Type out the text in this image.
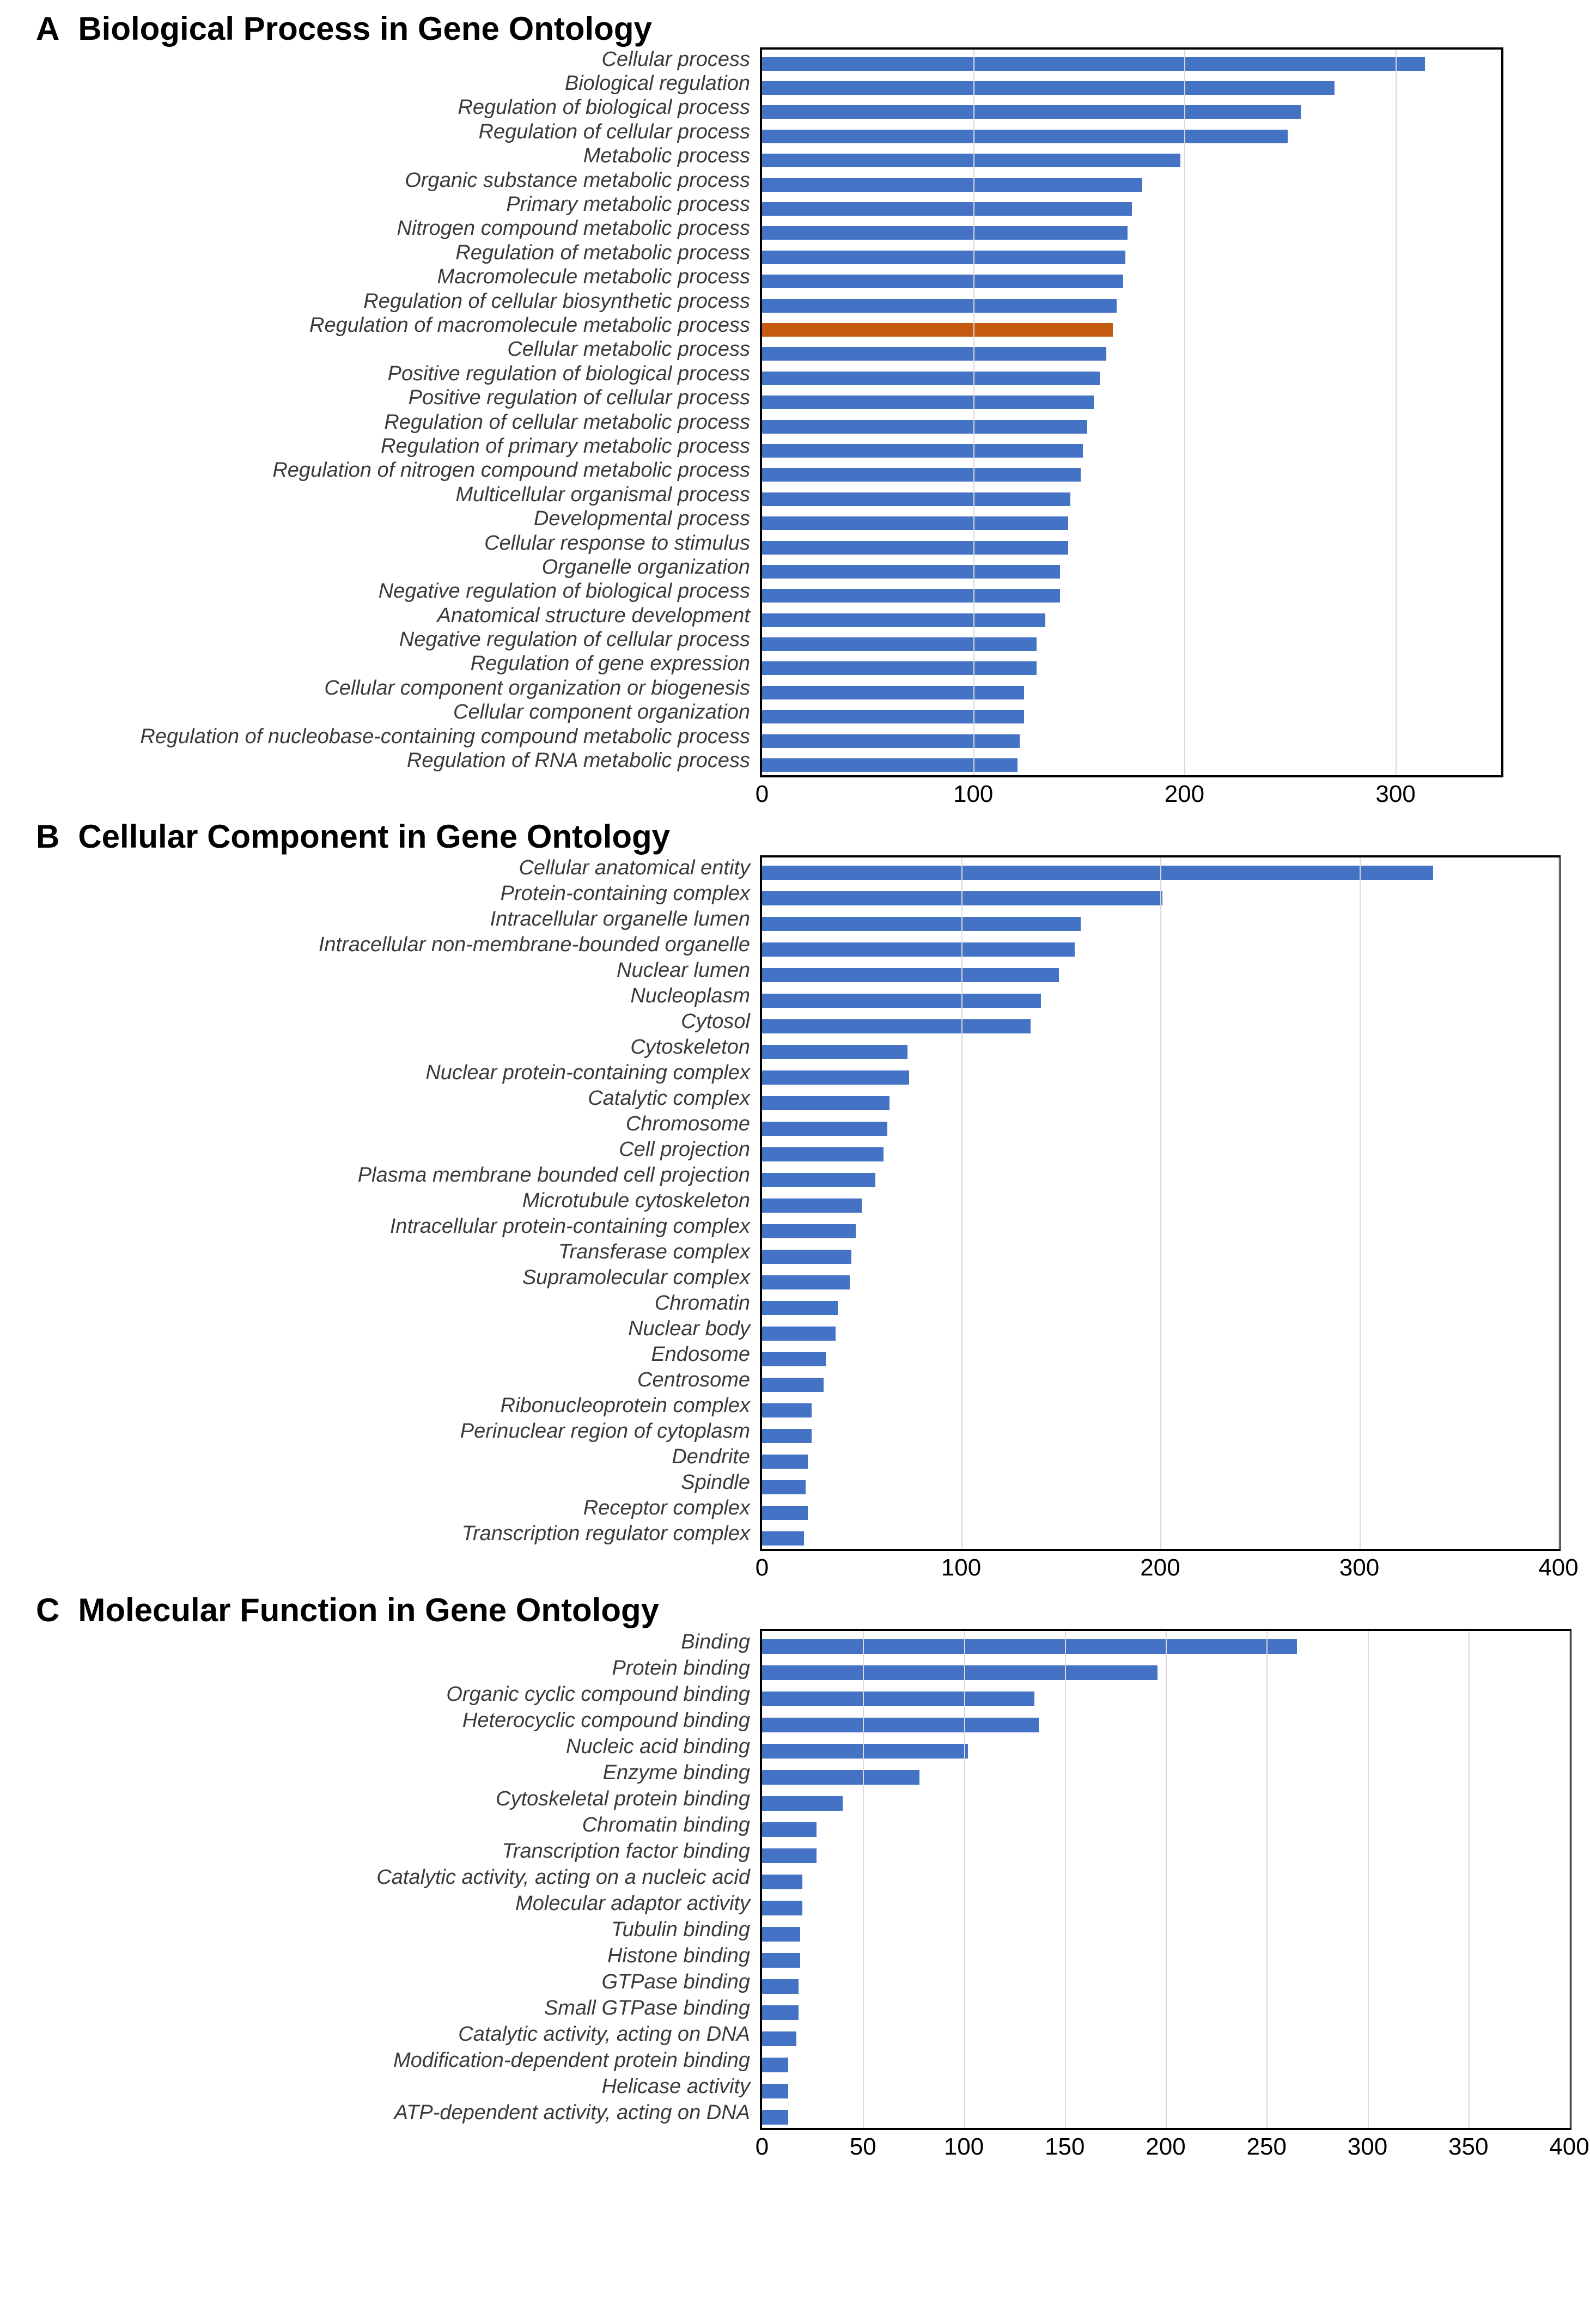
A Biological Process in Gene Ontology
Cellular process
Biological regulation
Regulation of biological process
Regulation of cellular process
Metabolic process
Organic substance metabolic process
Primary metabolic process
Nitrogen compound metabolic process
Regulation of metabolic process
Macromolecule metabolic process
Regulation of cellular biosynthetic process
Regulation of macromolecule metabolic process
Cellular metabolic process
Positive regulation of biological process
Positive regulation of cellular process
Regulation of cellular metabolic process
Regulation of primary metabolic process
Regulation of nitrogen compound metabolic process
Multicellular organismal process
Developmental process
Cellular response to stimulus
Organelle organization
Negative regulation of biological process
Anatomical structure development
Negative regulation of cellular process
Regulation of gene expression
Cellular component organization or biogenesis
Cellular component organization
Regulation of nucleobase-containing compound metabolic process
Regulation of RNA metabolic process
0	100	200	300
B Cellular Component in Gene Ontology
Cellular anatomical entity
Protein-containing complex
Intracellular organelle lumen
Intracellular non-membrane-bounded organelle
Nuclear lumen
Nucleoplasm
Cytosol
Cytoskeleton
Nuclear protein-containing complex
Catalytic complex
Chromosome
Cell projection
Plasma membrane bounded cell projection
Microtubule cytoskeleton
Intracellular protein-containing complex
Transferase complex
Supramolecular complex
Chromatin
Nuclear body
Endosome
Centrosome
Ribonucleoprotein complex
Perinuclear region of cytoplasm
Dendrite
Spindle
Receptor complex
Transcription regulator complex
0	100	200	300	400
C Molecular Function in Gene Ontology
Binding
Protein binding
Organic cyclic compound binding
Heterocyclic compound binding
Nucleic acid binding
Enzyme binding
Cytoskeletal protein binding
Chromatin binding
Transcription factor binding
Catalytic activity, acting on a nucleic acid
Molecular adaptor activity
Tubulin binding
Histone binding
GTPase binding
Small GTPase binding
Catalytic activity, acting on DNA
Modification-dependent protein binding
Helicase activity
ATP-dependent activity, acting on DNA
0	50	100	150	200	250	300	350	400
